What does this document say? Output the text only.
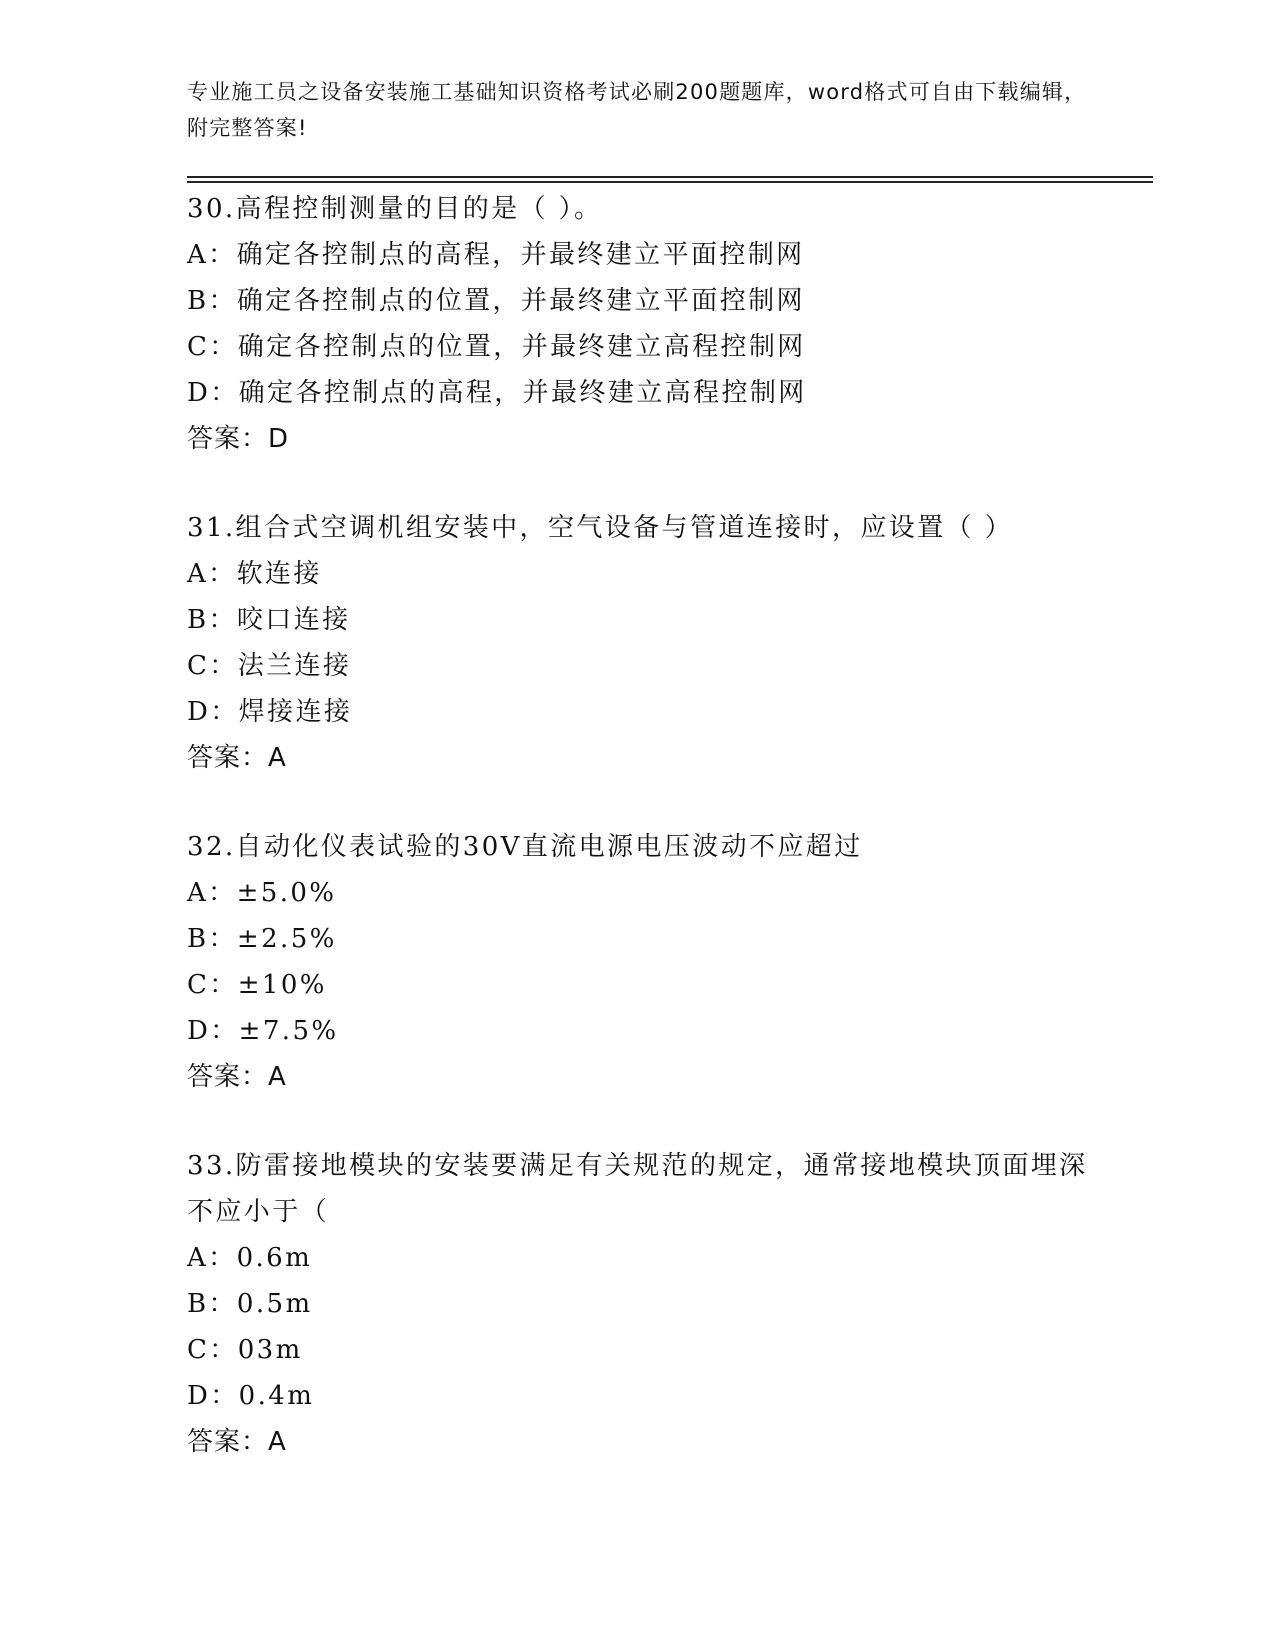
专业施工员之设备安装施工基础知识资格考试必刷200题题库，word格式可自由下载编辑，附完整答案!
30.高程控制测量的目的是（ ）。
A：确定各控制点的高程，并最终建立平面控制网
B：确定各控制点的位置，并最终建立平面控制网
C：确定各控制点的位置，并最终建立高程控制网
D：确定各控制点的高程，并最终建立高程控制网
答案：D
31.组合式空调机组安装中，空气设备与管道连接时，应设置（ ）
A：软连接
B：咬口连接
C：法兰连接
D：焊接连接
答案：A
32.自动化仪表试验的30V直流电源电压波动不应超过
A：±5.0%
B：±2.5%
C：±10%
D：±7.5%
答案：A
33.防雷接地模块的安装要满足有关规范的规定，通常接地模块顶面埋深不应小于（
A：0.6m
B：0.5m
C：03m
D：0.4m
答案：A
